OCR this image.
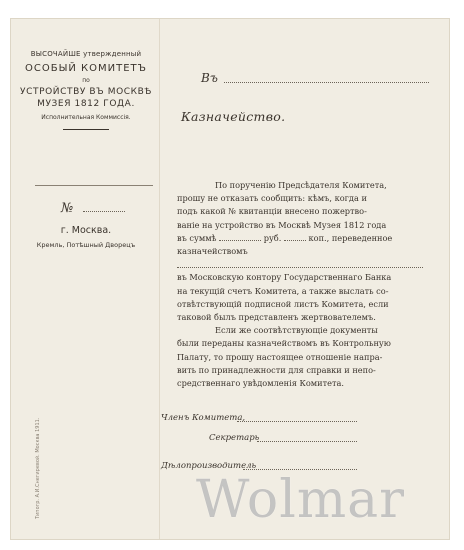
ВЫСОЧАЙШЕ утвержденный
ОСОБЫЙ КОМИТЕТЪ
по
УСТРОЙСТВУ ВЪ МОСКВѢ
МУЗЕЯ 1812 ГОДА.
Исполнительная Коммиссія.
№
г. Москва.
Кремль, Потѣшный Дворецъ
Типогр. А.И.Снегиревой. Москва 1911.
Въ
Казначейство.
По порученію Предсѣдателя Комитета,
прошу не отказать сообщить: кѣмъ, когда и
подъ какой № квитанціи внесено пожертво-
ваніе на устройство въ Москвѣ Музея 1812 года
въ суммѣ	руб.	коп., переведенное
казначействомъ
въ Московскую контору Государственнаго Банка
на текущій счетъ Комитета, а также выслать со-
отвѣтствующій подписной листъ Комитета, если
таковой былъ представленъ жертвователемъ.
Если же соотвѣтствующіе документы
были переданы казначействомъ въ Контрольную
Палату, то прошу настоящее отношеніе напра-
вить по принадлежности для справки и непо-
средственнаго увѣдомленія Комитета.
Членъ Комитета,
Секретарь
Дѣлопроизводитель
Wolmar
